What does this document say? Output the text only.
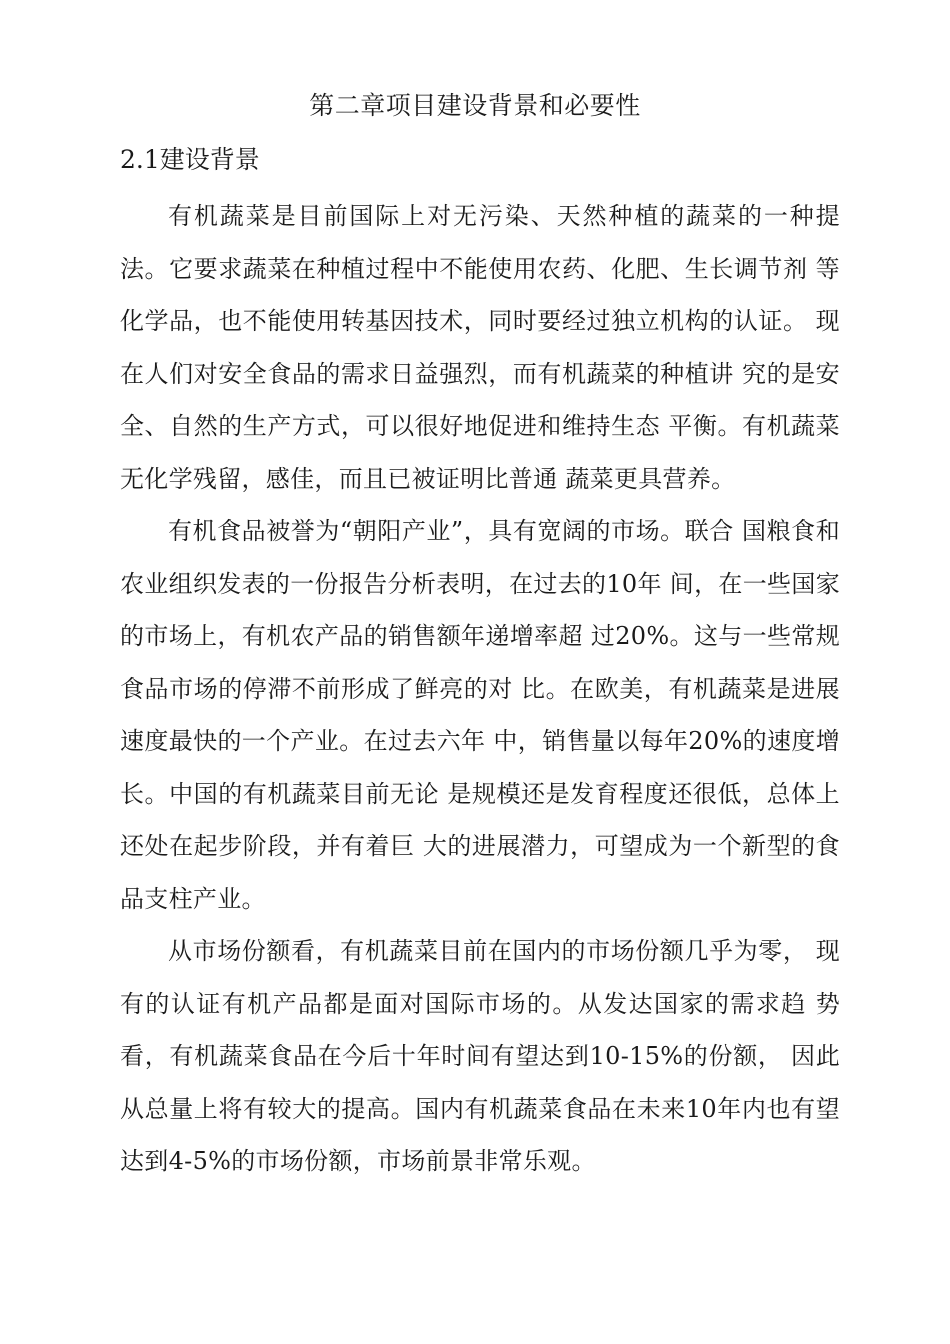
第二章项目建设背景和必要性
2.1建设背景

有机蔬菜是目前国际上对无污染、天然种植的蔬菜的一种提法。它要求蔬菜在种植过程中不能使用农药、化肥、生长调节剂 等化学品，也不能使用转基因技术，同时要经过独立机构的认证。 现在人们对安全食品的需求日益强烈，而有机蔬菜的种植讲 究的是安全、自然的生产方式，可以很好地促进和维持生态 平衡。有机蔬菜无化学残留，感佳，而且已被证明比普通 蔬菜更具营养。

有机食品被誉为“朝阳产业”，具有宽阔的市场。联合 国粮食和农业组织发表的一份报告分析表明，在过去的10年 间，在一些国家的市场上，有机农产品的销售额年递增率超 过20%。这与一些常规食品市场的停滞不前形成了鲜亮的对 比。在欧美，有机蔬菜是进展速度最快的一个产业。在过去六年 中，销售量以每年20%的速度增长。中国的有机蔬菜目前无论 是规模还是发育程度还很低，总体上还处在起步阶段，并有着巨 大的进展潜力，可望成为一个新型的食品支柱产业。

从市场份额看，有机蔬菜目前在国内的市场份额几乎为零， 现有的认证有机产品都是面对国际市场的。从发达国家的需求趋 势看，有机蔬菜食品在今后十年时间有望达到10-15%的份额， 因此从总量上将有较大的提高。国内有机蔬菜食品在未来10年内也有望达到4-5%的市场份额，市场前景非常乐观。
